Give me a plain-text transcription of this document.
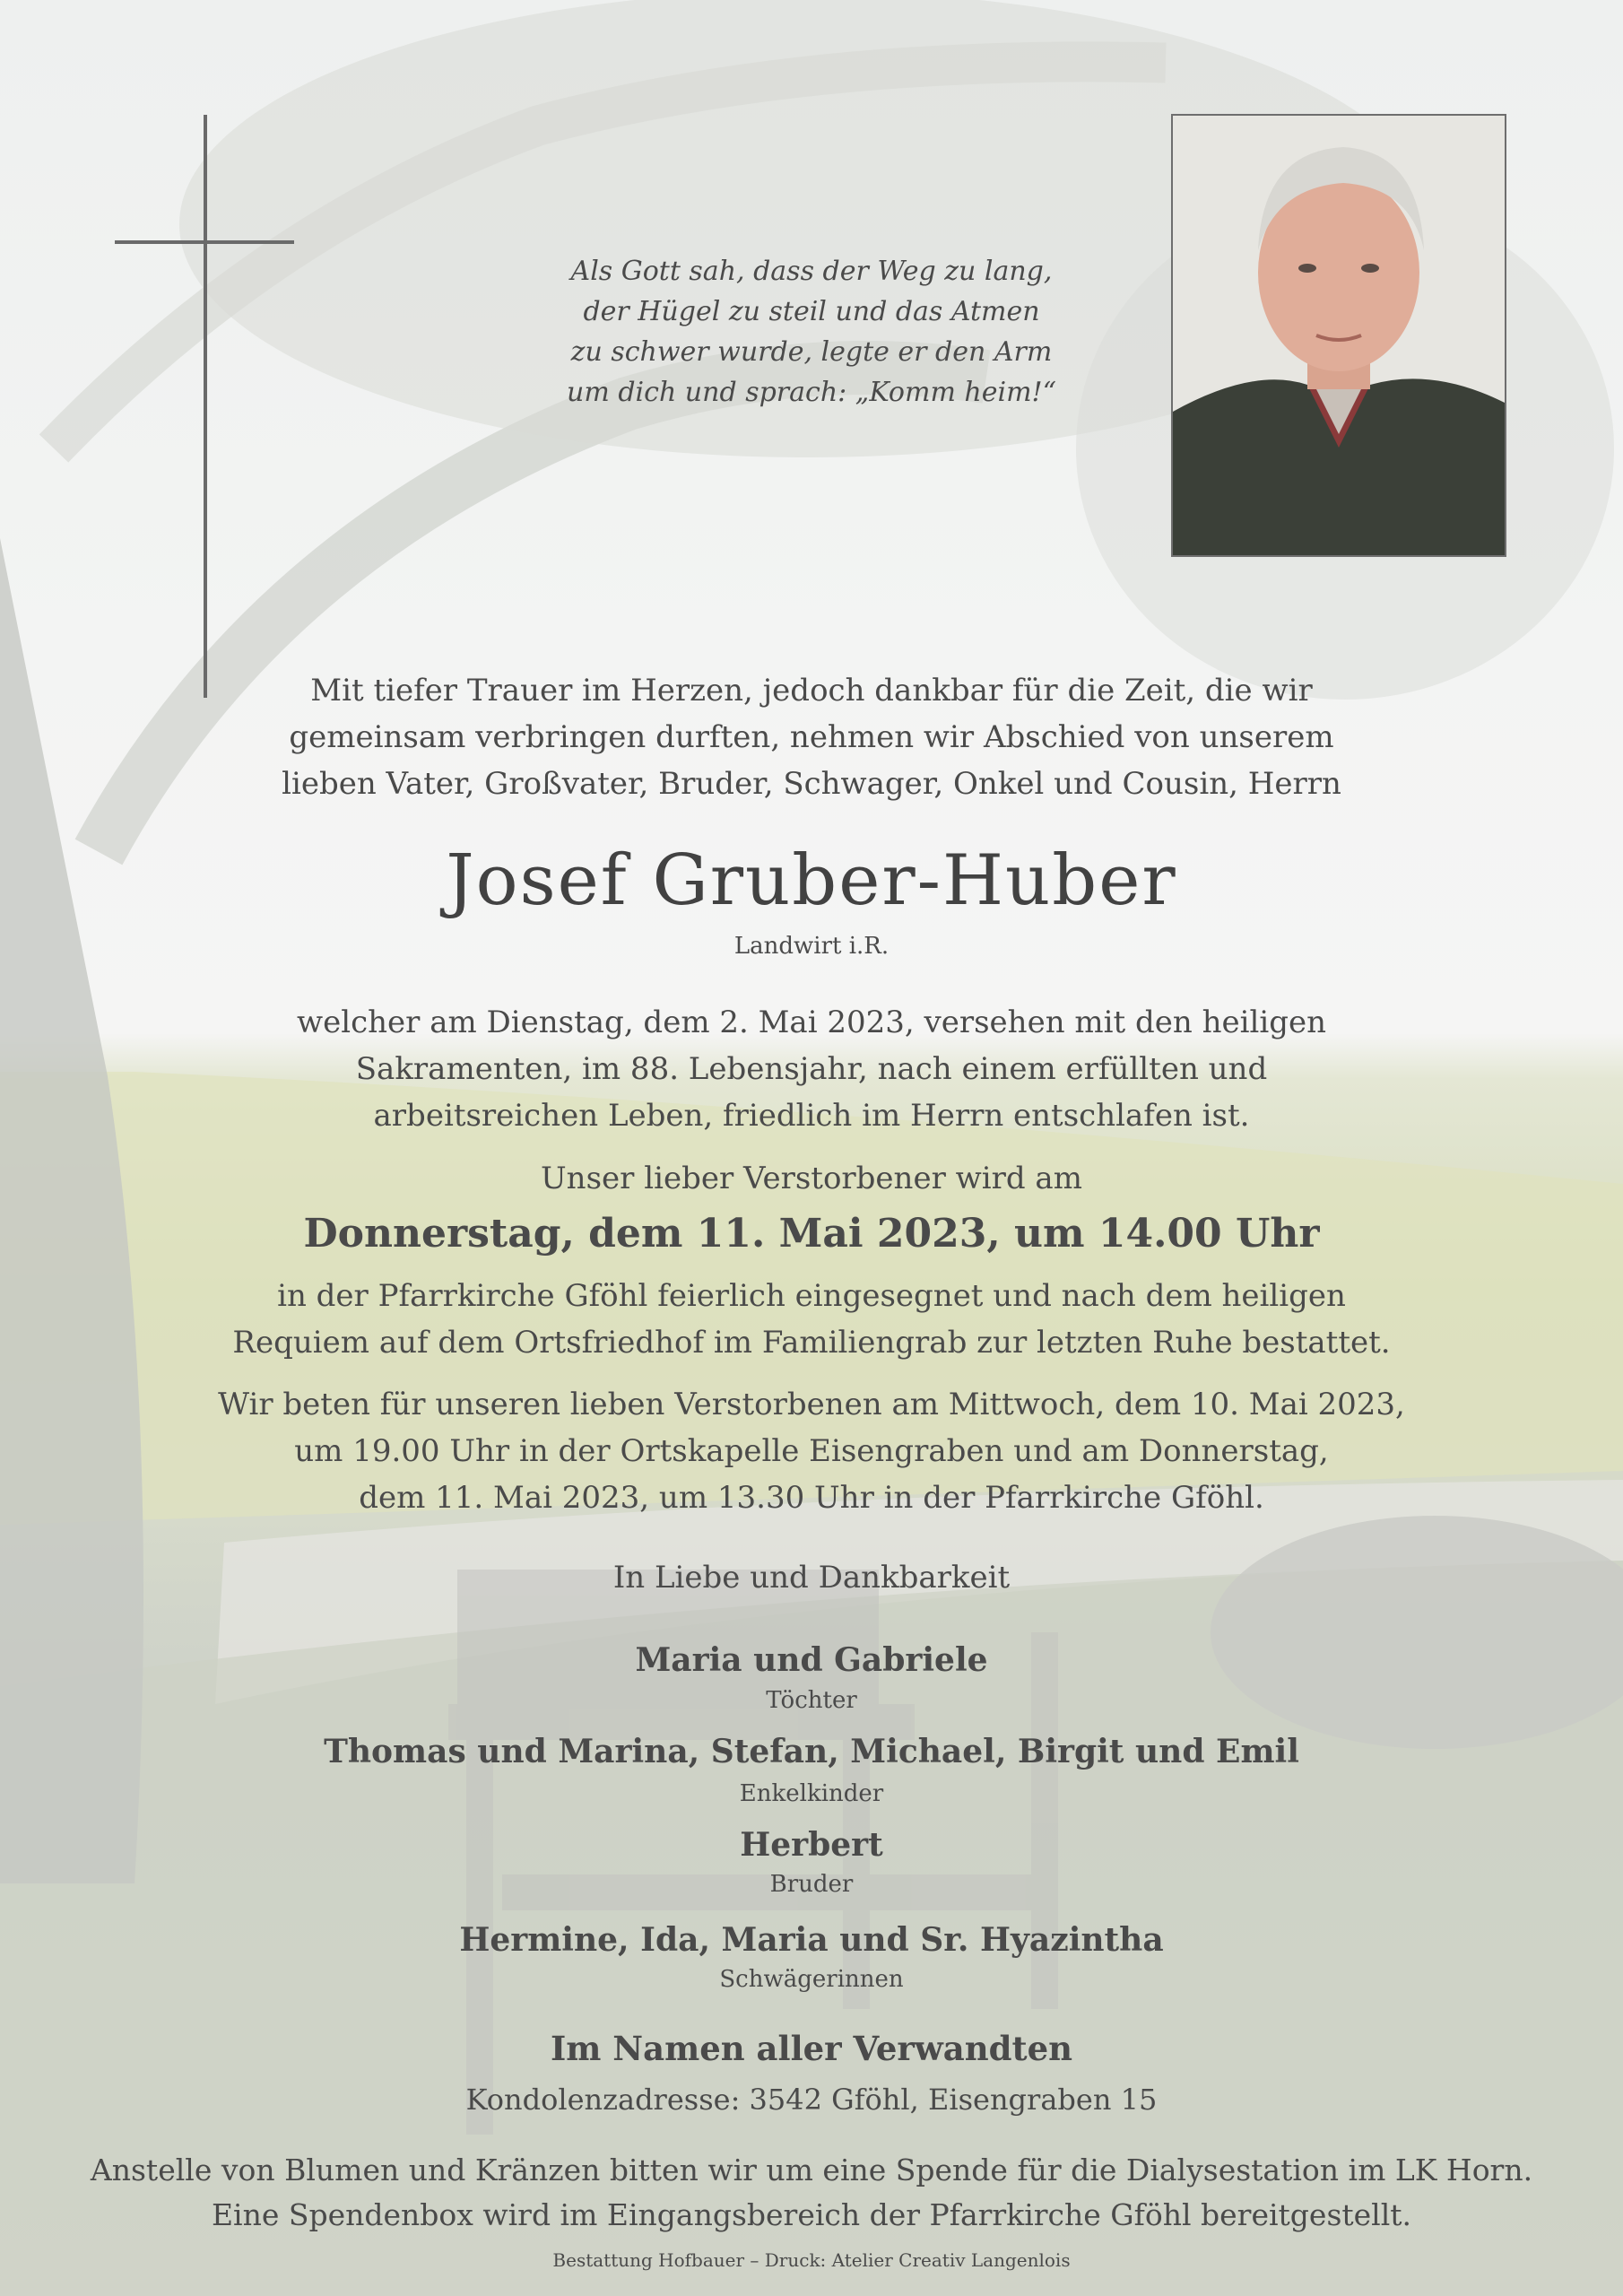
Als Gott sah, dass der Weg zu lang,
der Hügel zu steil und das Atmen
zu schwer wurde, legte er den Arm
um dich und sprach: „Komm heim!“
Mit tiefer Trauer im Herzen, jedoch dankbar für die Zeit, die wir
gemeinsam verbringen durften, nehmen wir Abschied von unserem
lieben Vater, Großvater, Bruder, Schwager, Onkel und Cousin, Herrn
Josef Gruber-Huber
Landwirt i.R.
welcher am Dienstag, dem 2. Mai 2023, versehen mit den heiligen
Sakramenten, im 88. Lebensjahr, nach einem erfüllten und
arbeitsreichen Leben, friedlich im Herrn entschlafen ist.
Unser lieber Verstorbener wird am
Donnerstag, dem 11. Mai 2023, um 14.00 Uhr
in der Pfarrkirche Gföhl feierlich eingesegnet und nach dem heiligen
Requiem auf dem Ortsfriedhof im Familiengrab zur letzten Ruhe bestattet.
Wir beten für unseren lieben Verstorbenen am Mittwoch, dem 10. Mai 2023,
um 19.00 Uhr in der Ortskapelle Eisengraben und am Donnerstag,
dem 11. Mai 2023, um 13.30 Uhr in der Pfarrkirche Gföhl.
In Liebe und Dankbarkeit
Maria und Gabriele
Töchter
Thomas und Marina, Stefan, Michael, Birgit und Emil
Enkelkinder
Herbert
Bruder
Hermine, Ida, Maria und Sr. Hyazintha
Schwägerinnen
Im Namen aller Verwandten
Kondolenzadresse: 3542 Gföhl, Eisengraben 15
Anstelle von Blumen und Kränzen bitten wir um eine Spende für die Dialysestation im LK Horn.
Eine Spendenbox wird im Eingangsbereich der Pfarrkirche Gföhl bereitgestellt.
Bestattung Hofbauer – Druck: Atelier Creativ Langenlois
